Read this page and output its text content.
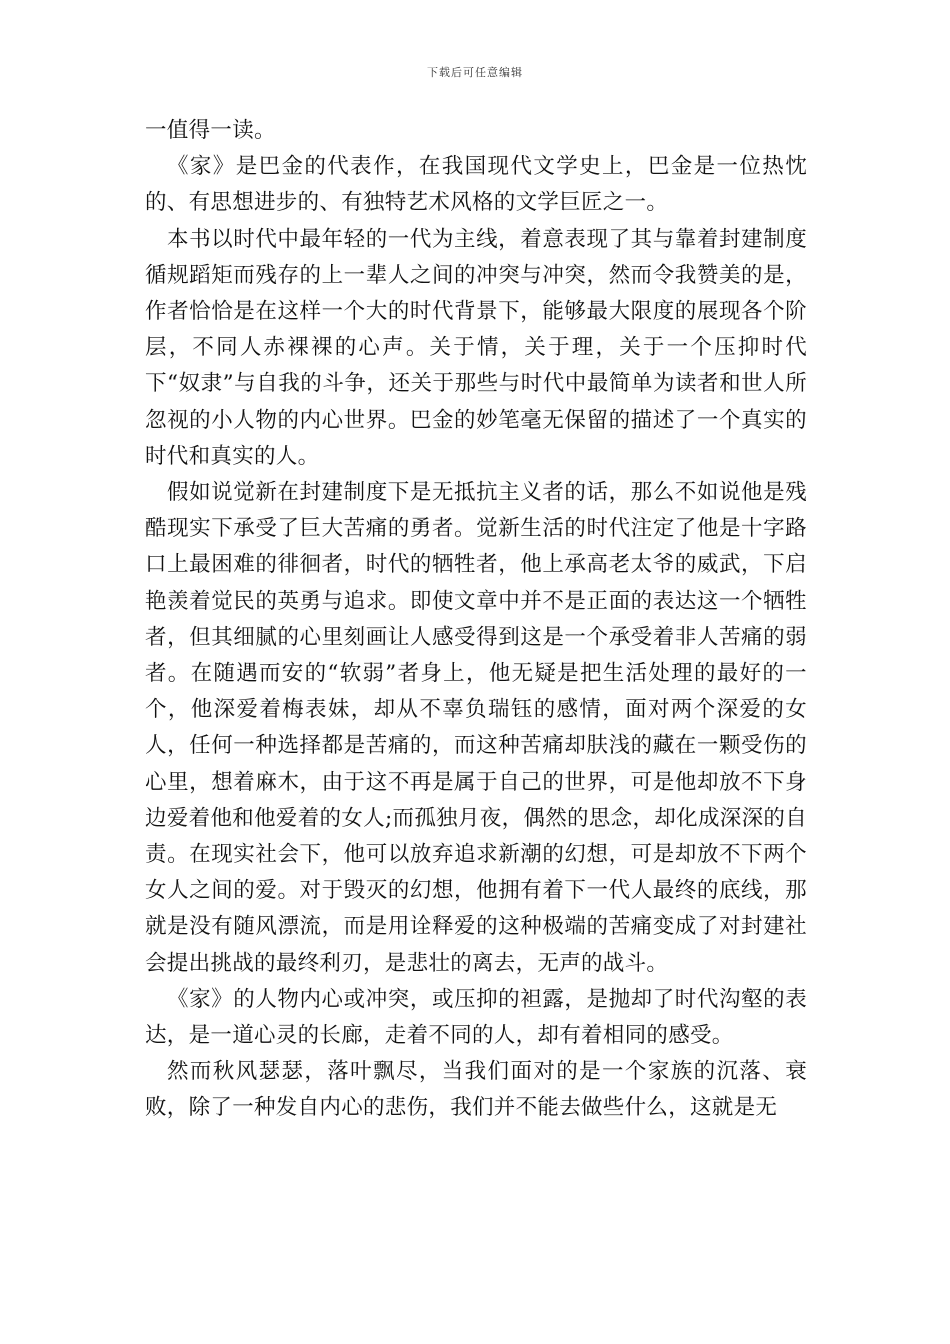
下载后可任意编辑

一值得一读。

《家》是巴金的代表作，在我国现代文学史上，巴金是一位热忱的、有思想进步的、有独特艺术风格的文学巨匠之一。

本书以时代中最年轻的一代为主线，着意表现了其与靠着封建制度循规蹈矩而残存的上一辈人之间的冲突与冲突，然而令我赞美的是，作者恰恰是在这样一个大的时代背景下，能够最大限度的展现各个阶层，不同人赤裸裸的心声。关于情，关于理，关于一个压抑时代下“奴隶”与自我的斗争，还关于那些与时代中最简单为读者和世人所忽视的小人物的内心世界。巴金的妙笔毫无保留的描述了一个真实的时代和真实的人。

假如说觉新在封建制度下是无抵抗主义者的话，那么不如说他是残酷现实下承受了巨大苦痛的勇者。觉新生活的时代注定了他是十字路口上最困难的徘徊者，时代的牺牲者，他上承高老太爷的威武，下启艳羡着觉民的英勇与追求。即使文章中并不是正面的表达这一个牺牲者，但其细腻的心里刻画让人感受得到这是一个承受着非人苦痛的弱者。在随遇而安的“软弱”者身上，他无疑是把生活处理的最好的一个，他深爱着梅表妹，却从不辜负瑞钰的感情，面对两个深爱的女人，任何一种选择都是苦痛的，而这种苦痛却肤浅的藏在一颗受伤的心里，想着麻木，由于这不再是属于自己的世界，可是他却放不下身边爱着他和他爱着的女人;而孤独月夜，偶然的思念，却化成深深的自责。在现实社会下，他可以放弃追求新潮的幻想，可是却放不下两个女人之间的爱。对于毁灭的幻想，他拥有着下一代人最终的底线，那就是没有随风漂流，而是用诠释爱的这种极端的苦痛变成了对封建社会提出挑战的最终利刃，是悲壮的离去，无声的战斗。

《家》的人物内心或冲突，或压抑的袒露，是抛却了时代沟壑的表达，是一道心灵的长廊，走着不同的人，却有着相同的感受。

然而秋风瑟瑟，落叶飘尽，当我们面对的是一个家族的沉落、衰败，除了一种发自内心的悲伤，我们并不能去做些什么，这就是无
